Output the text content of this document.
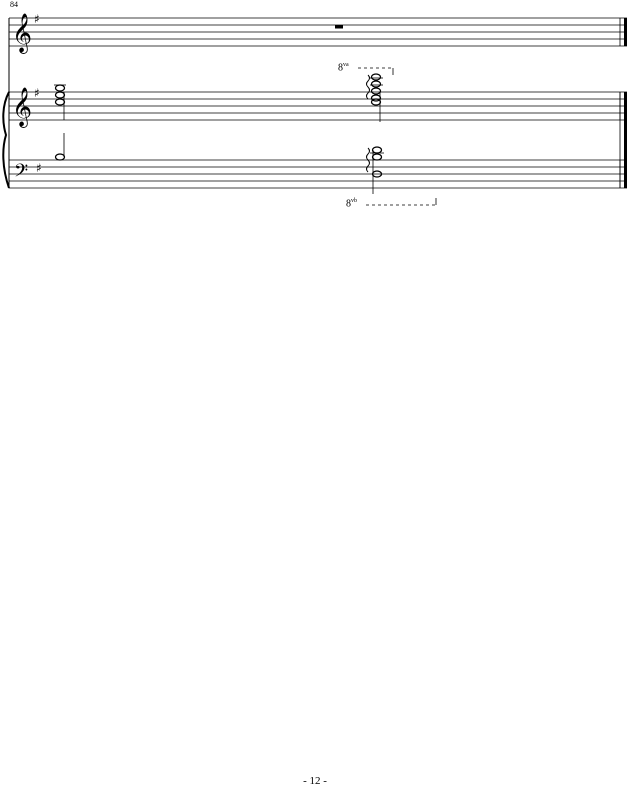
84
𝄞 ♯
𝄞 ♯
𝄢 ♯
$8^{va}$
$8^{vb}$
- 12 -
